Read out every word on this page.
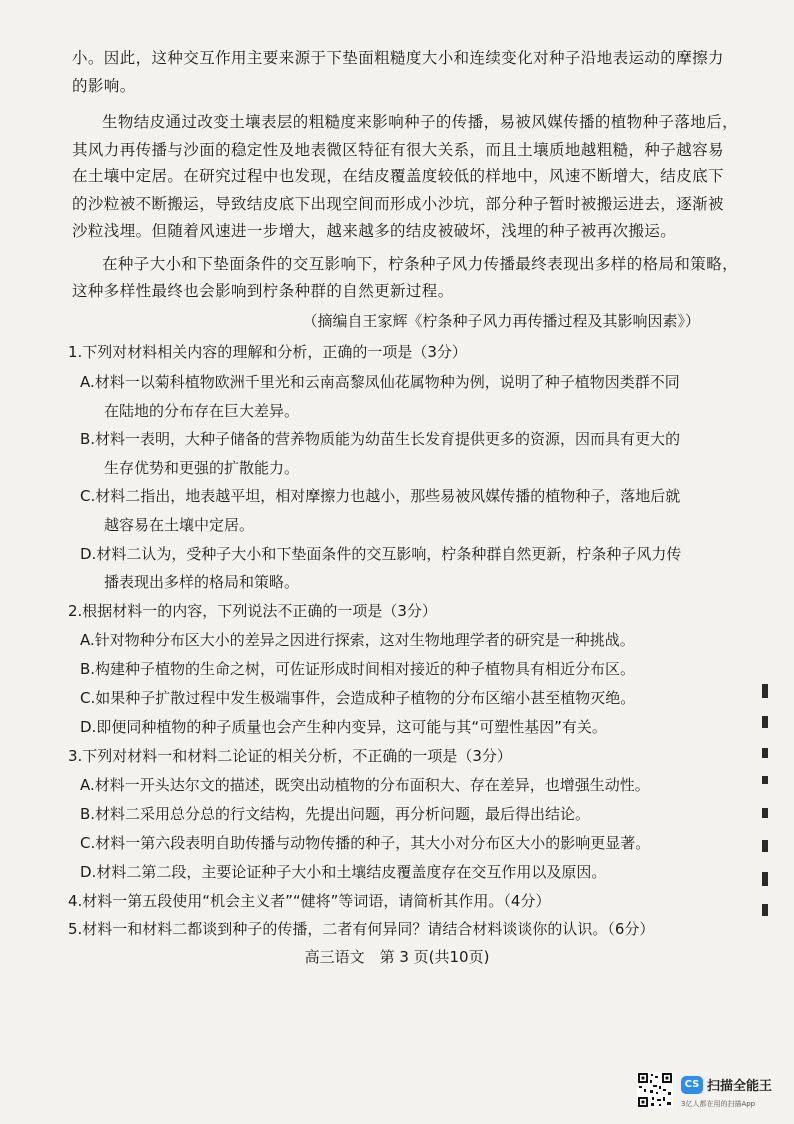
小。因此，这种交互作用主要来源于下垫面粗糙度大小和连续变化对种子沿地表运动的摩擦力
的影响。
生物结皮通过改变土壤表层的粗糙度来影响种子的传播，易被风媒传播的植物种子落地后，
其风力再传播与沙面的稳定性及地表微区特征有很大关系，而且土壤质地越粗糙，种子越容易
在土壤中定居。在研究过程中也发现，在结皮覆盖度较低的样地中，风速不断增大，结皮底下
的沙粒被不断搬运，导致结皮底下出现空间而形成小沙坑，部分种子暂时被搬运进去，逐渐被
沙粒浅埋。但随着风速进一步增大，越来越多的结皮被破坏，浅埋的种子被再次搬运。
在种子大小和下垫面条件的交互影响下，柠条种子风力传播最终表现出多样的格局和策略，
这种多样性最终也会影响到柠条种群的自然更新过程。
（摘编自王家辉《柠条种子风力再传播过程及其影响因素》）
1.下列对材料相关内容的理解和分析，正确的一项是（3分）
A.材料一以菊科植物欧洲千里光和云南高黎凤仙花属物种为例，说明了种子植物因类群不同
在陆地的分布存在巨大差异。
B.材料一表明，大种子储备的营养物质能为幼苗生长发育提供更多的资源，因而具有更大的
生存优势和更强的扩散能力。
C.材料二指出，地表越平坦，相对摩擦力也越小，那些易被风媒传播的植物种子，落地后就
越容易在土壤中定居。
D.材料二认为，受种子大小和下垫面条件的交互影响，柠条种群自然更新，柠条种子风力传
播表现出多样的格局和策略。
2.根据材料一的内容，下列说法不正确的一项是（3分）
A.针对物种分布区大小的差异之因进行探索，这对生物地理学者的研究是一种挑战。
B.构建种子植物的生命之树，可佐证形成时间相对接近的种子植物具有相近分布区。
C.如果种子扩散过程中发生极端事件，会造成种子植物的分布区缩小甚至植物灭绝。
D.即便同种植物的种子质量也会产生种内变异，这可能与其“可塑性基因”有关。
3.下列对材料一和材料二论证的相关分析，不正确的一项是（3分）
A.材料一开头达尔文的描述，既突出动植物的分布面积大、存在差异，也增强生动性。
B.材料二采用总分总的行文结构，先提出问题，再分析问题，最后得出结论。
C.材料一第六段表明自助传播与动物传播的种子，其大小对分布区大小的影响更显著。
D.材料二第二段，主要论证种子大小和土壤结皮覆盖度存在交互作用以及原因。
4.材料一第五段使用“机会主义者”“健将”等词语，请简析其作用。（4分）
5.材料一和材料二都谈到种子的传播，二者有何异同？请结合材料谈谈你的认识。（6分）
高三语文　第 3 页(共10页)
CS 扫描全能王
3亿人都在用的扫描App
